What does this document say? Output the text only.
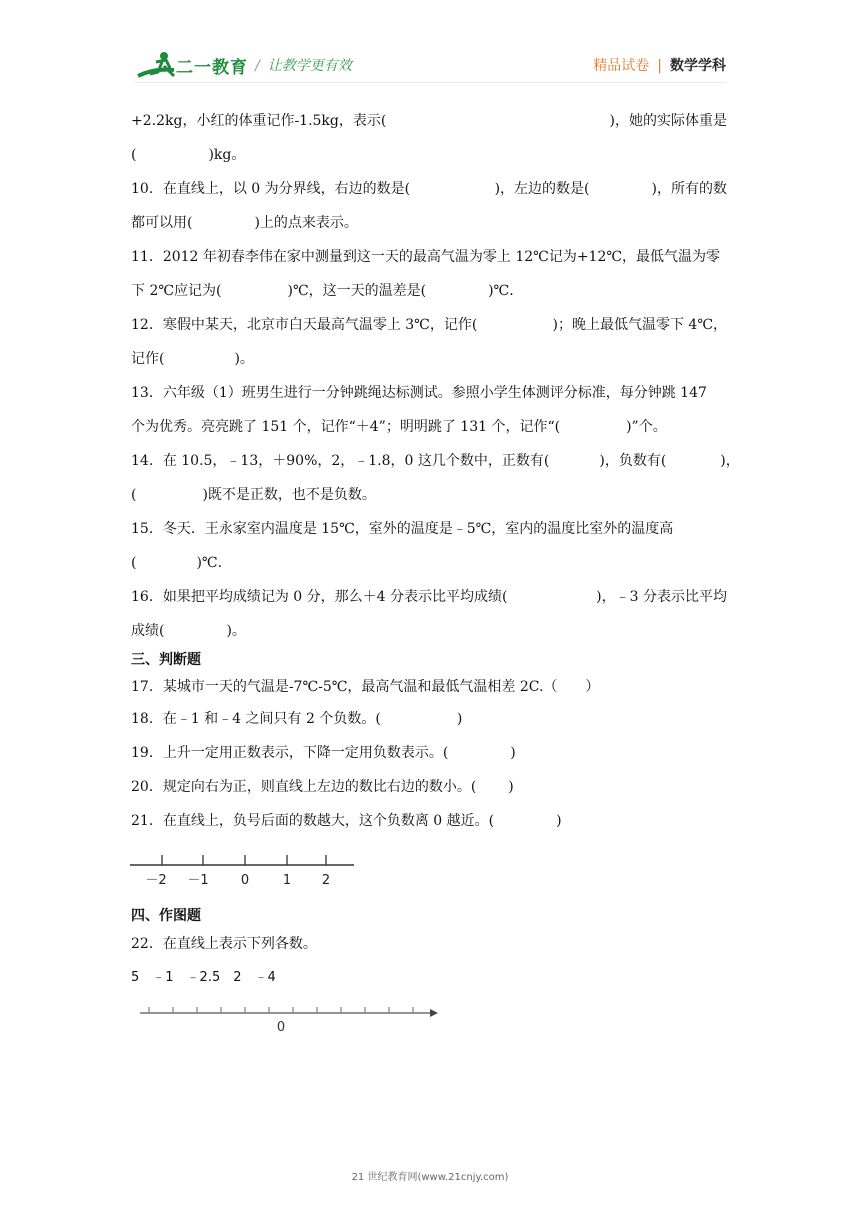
二一教育 / 让教学更有效	精品试卷 | 数学学科
+2.2kg，小红的体重记作-1.5kg，表示(	)，她的实际体重是
(	)kg。
10．在直线上，以 0 为分界线，右边的数是(	)，左边的数是(	)，所有的数
都可以用(	)上的点来表示。
11．2012 年初春李伟在家中测量到这一天的最高气温为零上 12℃记为+12℃，最低气温为零
下 2℃应记为(	)℃，这一天的温差是(	)℃.
12．寒假中某天，北京市白天最高气温零上 3℃，记作(	)；晚上最低气温零下 4℃，
记作(	)。
13．六年级（1）班男生进行一分钟跳绳达标测试。参照小学生体测评分标准，每分钟跳 147
个为优秀。亮亮跳了 151 个，记作“＋4”；明明跳了 131 个，记作“(	)”个。
14．在 10.5，﹣13，＋90%，2，﹣1.8，0 这几个数中，正数有(	)，负数有(	)，
(	)既不是正数，也不是负数。
15．冬天．王永家室内温度是 15℃，室外的温度是﹣5℃，室内的温度比室外的温度高
(	)℃.
16．如果把平均成绩记为 0 分，那么＋4 分表示比平均成绩(	)，﹣3 分表示比平均
成绩(	)。
三、判断题
17．某城市一天的气温是-7℃-5℃，最高气温和最低气温相差 2C.（　　）
18．在﹣1 和﹣4 之间只有 2 个负数。(	)
19．上升一定用正数表示，下降一定用负数表示。(	)
20．规定向右为正，则直线上左边的数比右边的数小。( )
21．在直线上，负号后面的数越大，这个负数离 0 越近。(	)
－2 －1 0	1 2
四、作图题
22．在直线上表示下列各数。
5　﹣1　﹣2.5　2　﹣4
0
21 世纪教育网(www.21cnjy.com)
